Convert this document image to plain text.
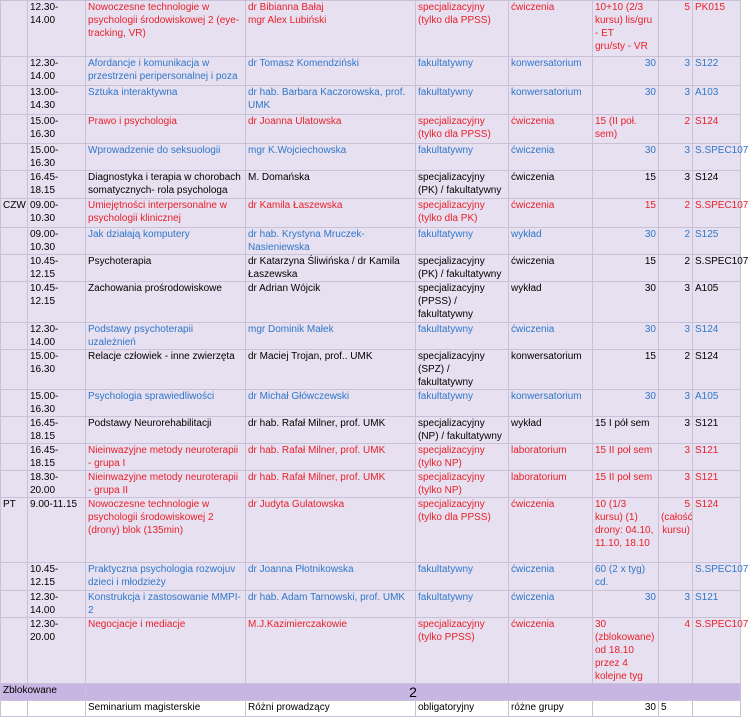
	12.30-14.00	Nowoczesne technologie w psychologii środowiskowej 2 (eye-tracking, VR)	dr Bibianna Bałaj
mgr Alex Lubiński	specjalizacyjny (tylko dla PPSS)	ćwiczenia	10+10 (2/3 kursu) lis/gru - ET
gru/sty - VR	5	PK015
	12.30-14.00	Afordancje i komunikacja w przestrzeni peripersonalnej i poza	dr Tomasz Komendziński	fakultatywny	konwersatorium	30	3	S122
	13.00-14.30	Sztuka interaktywna	dr hab. Barbara Kaczorowska, prof. UMK	fakultatywny	konwersatorium	30	3	A103
	15.00-16.30	Prawo i psychologia	dr Joanna Ulatowska	specjalizacyjny (tylko dla PPSS)	ćwiczenia	15 (II poł. sem)	2	S124
	15.00-16.30	Wprowadzenie do seksuologii	mgr K.Wojciechowska	fakultatywny	ćwiczenia	30	3	S.SPEC107
	16.45-18.15	Diagnostyka i terapia w chorobach somatycznych- rola psychologa	M. Domańska	specjalizacyjny (PK) / fakultatywny	ćwiczenia	15	3	S124
CZW	09.00-10.30	Umiejętności interpersonalne w psychologii klinicznej	dr Kamila Łaszewska	specjalizacyjny (tylko dla PK)	ćwiczenia	15	2	S.SPEC107
	09.00-10.30	Jak działają komputery	dr hab. Krystyna Mruczek-Nasieniewska	fakultatywny	wykład	30	2	S125
	10.45-12.15	Psychoterapia	dr Katarzyna Śliwińska / dr Kamila Łaszewska	specjalizacyjny (PK) / fakultatywny	ćwiczenia	15	2	S.SPEC107
	10.45-12.15	Zachowania prośrodowiskowe	dr Adrian Wójcik	specjalizacyjny (PPSS) / fakultatywny	wykład	30	3	A105
	12.30-14.00	Podstawy psychoterapii uzależnień	mgr Dominik Małek	fakultatywny	ćwiczenia	30	3	S124
	15.00-16.30	Relacje człowiek - inne zwierzęta	dr Maciej Trojan, prof.. UMK	specjalizacyjny (SPZ) / fakultatywny	konwersatorium	15	2	S124
	15.00-16.30	Psychologia sprawiedliwości	dr Michał Główczewski	fakultatywny	konwersatorium	30	3	A105
	16.45-18.15	Podstawy Neurorehabilitacji	dr hab. Rafał Milner, prof. UMK	specjalizacyjny (NP) / fakultatywny	wykład	15 I pół sem	3	S121
	16.45-18.15	Nieinwazyjne metody neuroterapii - grupa I	dr hab. Rafał Milner, prof. UMK	specjalizacyjny (tylko NP)	laboratorium	15 II poł sem	3	S121
	18.30-20.00	Nieinwazyjne metody neuroterapii - grupa II	dr hab. Rafał Milner, prof. UMK	specjalizacyjny (tylko NP)	laboratorium	15 II poł sem	3	S121
PT	9.00-11.15	Nowoczesne technologie w psychologii środowiskowej 2 (drony) blok (135min)	dr Judyta Gulatowska	specjalizacyjny (tylko dla PPSS)	ćwiczenia	10 (1/3 kursu) (1) drony: 04.10, 11.10, 18.10	5
(całość kursu)	S124
	10.45-12.15	Praktyczna psychologia rozwojuv dzieci i młodzieży	dr Joanna Płotnikowska	fakultatywny	ćwiczenia	60 (2 x tyg) cd.		S.SPEC107
	12.30-14.00	Konstrukcja i zastosowanie MMPI-2	dr hab. Adam Tarnowski, prof. UMK	fakultatywny	ćwiczenia	30	3	S121
	12.30-20.00	Negocjacje i mediacje	M.J.Kazimierczakowie	specjalizacyjny (tylko PPSS)	ćwiczenia	30
(zblokowane)
od 18.10
przez 4
kolejne tyg	4	S.SPEC107
Zblokowane		2						
		Seminarium magisterskie	Różni prowadzący	obligatoryjny	różne grupy	30	5	
